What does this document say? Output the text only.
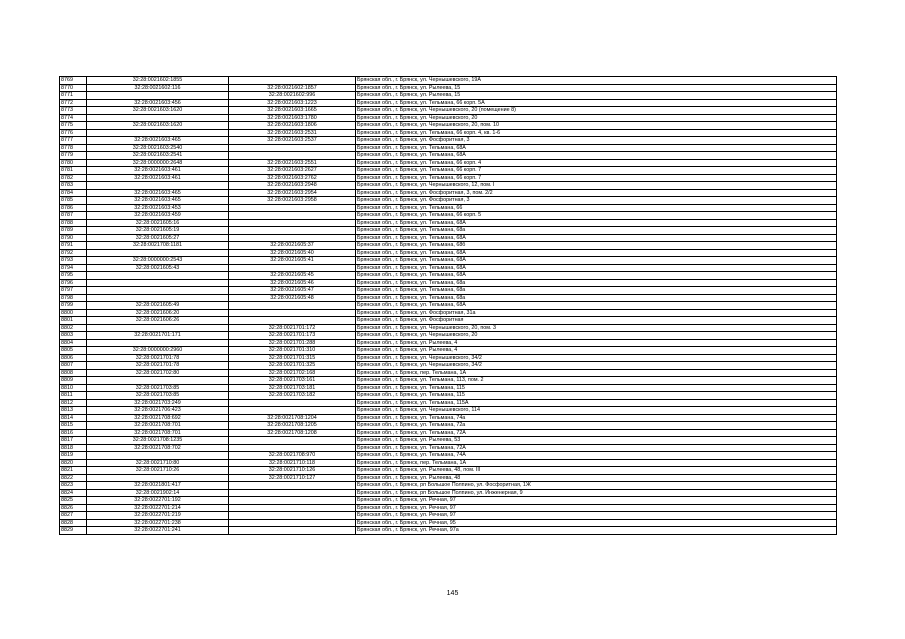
8769	32:28:0021602:1855		Брянская обл., г. Брянск, ул. Чернышевского, 19А
8770	32:28:0021602:116	32:28:0021602:1857	Брянская обл., г. Брянск, ул. Рылеева, 15
8771		32:28:0021602:996	Брянская обл., г. Брянск, ул. Рылеева, 15
8772	32:28:0021603:456	32:28:0021603:1223	Брянская обл., г. Брянск, ул. Тельмана, 66 корп. 5А
8773	32:28:0021603:1620	32:28:0021603:1665	Брянская обл., г. Брянск, ул. Чернышевского, 20 (помещение 8)
8774		32:28:0021603:1780	Брянская обл., г. Брянск, ул. Чернышевского, 20
8775	32:28:0021603:1620	32:28:0021603:1806	Брянская обл., г. Брянск, ул. Чернышевского, 20, пом. 10
8776		32:28:0021603:2531	Брянская обл., г. Брянск, ул. Тельмана, 66 корп. 4, кв. 1-6
8777	32:28:0021603:465	32:28:0021603:2537	Брянская обл., г. Брянск, ул. Фосфоритная, 3
8778	32:28:0021603:2540		Брянская обл., г. Брянск, ул. Тельмана, 68А
8779	32:28:0021603:2541		Брянская обл., г. Брянск, ул. Тельмана, 68А
8780	32:28:0000000:2648	32:28:0021603:2551	Брянская обл., г. Брянск, ул. Тельмана, 66 корп. 4
8781	32:28:0021603:461	32:28:0021603:2627	Брянская обл., г. Брянск, ул. Тельмана, 66 корп. 7
8782	32:28:0021603:461	32:28:0021603:2762	Брянская обл., г. Брянск, ул. Тельмана, 66 корп. 7
8783		32:28:0021603:2948	Брянская обл., г. Брянск, ул. Чернышевского, 12, пом. I
8784	32:28:0021603:465	32:28:0021603:2954	Брянская обл., г. Брянск, ул. Фосфоритная, 3, пом. 2/2
8785	32:28:0021603:465	32:28:0021603:2958	Брянская обл., г. Брянск, ул. Фосфоритная, 3
8786	32:28:0021603:453		Брянская обл., г. Брянск, ул. Тельмана, 66
8787	32:28:0021603:459		Брянская обл., г. Брянск, ул. Тельмана, 66 корп. 5
8788	32:28:0021605:16		Брянская обл., г. Брянск, ул. Тельмана, 68А
8789	32:28:0021605:19		Брянская обл., г. Брянск, ул. Тельмана, 68а
8790	32:28:0021605:27		Брянская обл., г. Брянск, ул. Тельмана, 68А
8791	32:28:0021708:1181	32:28:0021605:37	Брянская обл., г. Брянск, ул. Тельмана, 68б
8792		32:28:0021605:40	Брянская обл., г. Брянск, ул. Тельмана, 68А
8793	32:28:0000000:2543	32:28:0021605:41	Брянская обл., г. Брянск, ул. Тельмана, 68А
8794	32:28:0021605:43		Брянская обл., г. Брянск, ул. Тельмана, 68А
8795		32:28:0021605:45	Брянская обл., г. Брянск, ул. Тельмана, 68А
8796		32:28:0021605:46	Брянская обл., г. Брянск, ул. Тельмана, 68а
8797		32:28:0021605:47	Брянская обл., г. Брянск, ул. Тельмана, 68а
8798		32:28:0021605:48	Брянская обл., г. Брянск, ул. Тельмана, 68а
8799	32:28:0021605:49		Брянская обл., г. Брянск, ул. Тельмана, 68А
8800	32:28:0021606:20		Брянская обл., г. Брянск, ул. Фосфоритная, 31а
8801	32:28:0021606:26		Брянская обл., г. Брянск, ул. Фосфоритная
8802		32:28:0021701:172	Брянская обл., г. Брянск, ул. Чернышевского, 20, пом. 3
8803	32:28:0021701:171	32:28:0021701:173	Брянская обл., г. Брянск, ул. Чернышевского, 20
8804		32:28:0021701:288	Брянская обл., г. Брянск, ул. Рылеева, 4
8805	32:28:0000000:2960	32:28:0021701:310	Брянская обл., г. Брянск, ул. Рылеева, 4
8806	32:28:0021701:78	32:28:0021701:315	Брянская обл., г. Брянск, ул. Чернышевского, 34/2
8807	32:28:0021701:78	32:28:0021701:325	Брянская обл., г. Брянск, ул. Чернышевского, 34/2
8808	32:28:0021702:80	32:28:0021702:168	Брянская обл., г. Брянск, пер. Тельмана, 1А
8809		32:28:0021703:161	Брянская обл., г. Брянск, ул. Тельмана, 113, пом. 2
8810	32:28:0021703:85	32:28:0021703:181	Брянская обл., г. Брянск, ул. Тельмана, 115
8811	32:28:0021703:85	32:28:0021703:182	Брянская обл., г. Брянск, ул. Тельмана, 115
8812	32:28:0021703:249		Брянская обл., г. Брянск, ул. Тельмана, 115А
8813	32:28:0021706:423		Брянская обл., г. Брянск, ул. Чернышевского, 114
8814	32:28:0021708:692	32:28:0021708:1204	Брянская обл., г. Брянск, ул. Тельмана, 74а
8815	32:28:0021708:701	32:28:0021708:1205	Брянская обл., г. Брянск, ул. Тельмана, 72а
8816	32:28:0021708:701	32:28:0021708:1208	Брянская обл., г. Брянск, ул. Тельмана, 72А
8817	32:28:0021708:1235		Брянская обл., г. Брянск, ул. Рылеева, 53
8818	32:28:0021708:702		Брянская обл., г. Брянск, ул. Тельмана, 72А
8819		32:28:0021708:970	Брянская обл., г. Брянск, ул. Тельмана, 74А
8820	32:28:0021710:80	32:28:0021710:118	Брянская обл., г. Брянск, пер. Тельмана, 1А
8821	32:28:0021710:26	32:28:0021710:126	Брянская обл., г. Брянск, ул. Рылеева, 48, пом. III
8822		32:28:0021710:127	Брянская обл., г. Брянск, ул. Рылеева, 48
8823	32:28:0021801:417		Брянская обл., г. Брянск, рп Большое Полпино, ул. Фосфоритная, 1Ж
8824	32:28:0021902:14		Брянская обл., г. Брянск, рп Большое Полпино, ул. Инженерная, 9
8825	32:28:0022701:192		Брянская обл., г. Брянск, ул. Речная, 97
8826	32:28:0022701:214		Брянская обл., г. Брянск, ул. Речная, 97
8827	32:28:0022701:219		Брянская обл., г. Брянск, ул. Речная, 97
8828	32:28:0022701:238		Брянская обл., г. Брянск, ул. Речная, 95
8829	32:28:0022701:241		Брянская обл., г. Брянск, ул. Речная, 97а
145
